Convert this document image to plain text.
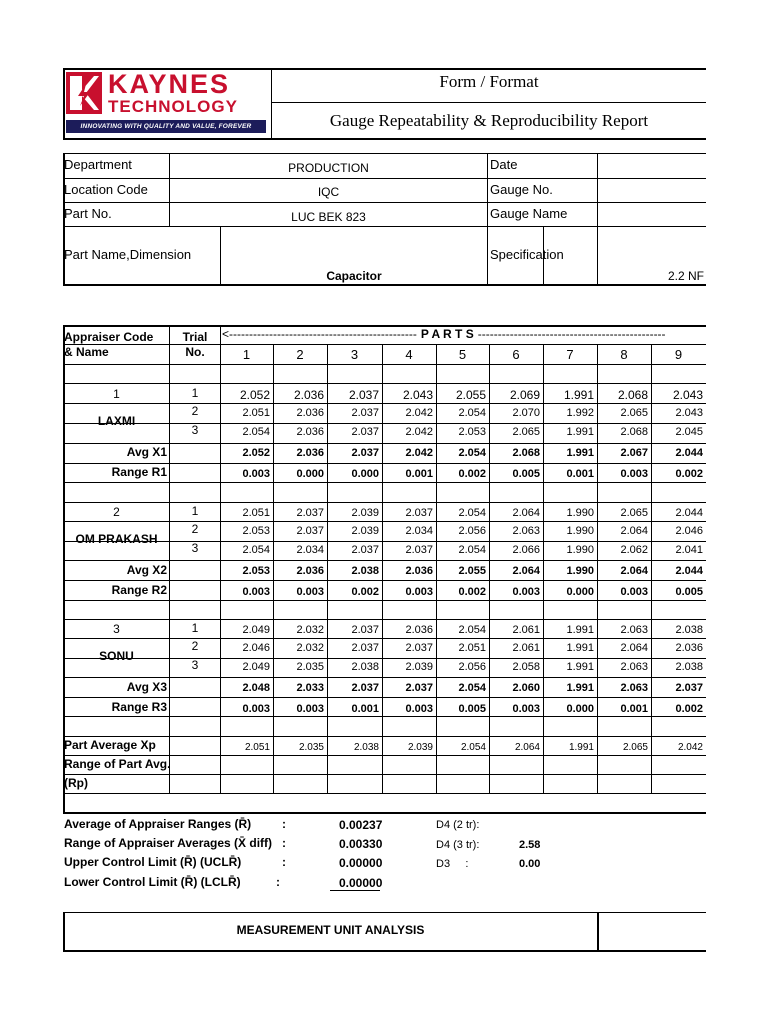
KAYNES
TECHNOLOGY
INNOVATING WITH QUALITY AND VALUE, FOREVER
Form / Format
Gauge Repeatability & Reproducibility Report
Department	PRODUCTION
Location Code	IQC
Part No.	LUC BEK 823
Part Name,Dimension
Capacitor
Date
Gauge No.
Gauge Name
Specification
2.2 NF
Appraiser Code
& Name
Trial
No.
<----------------------------------------------- P A R T S -----------------------------------------------
1	2	3	4	5	6	7	8	9
1
LAXMI
1	2.052	2.036	2.037	2.043	2.055	2.069	1.991	2.068	2.043
2	2.051	2.036	2.037	2.042	2.054	2.070	1.992	2.065	2.043
3	2.054	2.036	2.037	2.042	2.053	2.065	1.991	2.068	2.045
Avg X1	2.052	2.036	2.037	2.042	2.054	2.068	1.991	2.067	2.044
Range R1	0.003	0.000	0.000	0.001	0.002	0.005	0.001	0.003	0.002
2
OM PRAKASH
1	2.051	2.037	2.039	2.037	2.054	2.064	1.990	2.065	2.044
2	2.053	2.037	2.039	2.034	2.056	2.063	1.990	2.064	2.046
3	2.054	2.034	2.037	2.037	2.054	2.066	1.990	2.062	2.041
Avg X2	2.053	2.036	2.038	2.036	2.055	2.064	1.990	2.064	2.044
Range R2	0.003	0.003	0.002	0.003	0.002	0.003	0.000	0.003	0.005
3
SONU
1	2.049	2.032	2.037	2.036	2.054	2.061	1.991	2.063	2.038
2	2.046	2.032	2.037	2.037	2.051	2.061	1.991	2.064	2.036
3	2.049	2.035	2.038	2.039	2.056	2.058	1.991	2.063	2.038
Avg X3	2.048	2.033	2.037	2.037	2.054	2.060	1.991	2.063	2.037
Range R3	0.003	0.003	0.001	0.003	0.005	0.003	0.000	0.001	0.002
Part Average Xp	2.051	2.035	2.038	2.039	2.054	2.064	1.991	2.065	2.042
Range of Part Avg.
(Rp)
Average of Appraiser Ranges (R̄)	:	0.00237
Range of Appraiser Averages (X̄ diff) :	0.00330
Upper Control Limit (R̄) (UCLR̄)	:	0.00000
Lower Control Limit (R̄) (LCLR̄)	:	0.00000
D4 (2 tr):
D4 (3 tr):	2.58
D3     :	0.00
MEASUREMENT UNIT ANALYSIS
